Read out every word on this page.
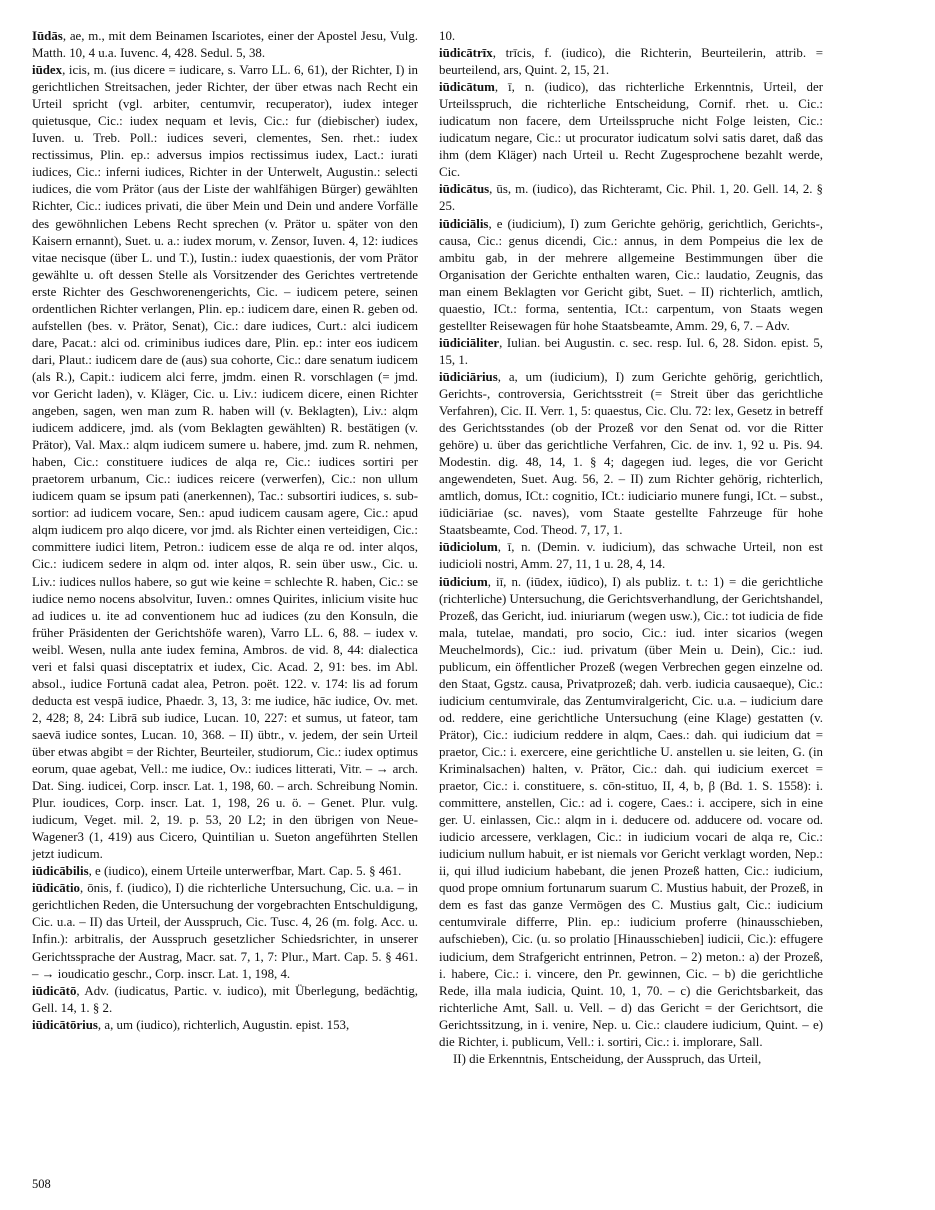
Iūdās, ae, m., mit dem Beinamen Iscariotes, einer der Apostel Jesu, Vulg. Matth. 10, 4 u.a. Iuvenc. 4, 428. Sedul. 5, 38.

iūdex, icis, m. (ius dicere = iudicare, s. Varro LL. 6, 61), der Richter, I) in gerichtlichen Streitsachen, jeder Richter, der über etwas nach Recht ein Urteil spricht (vgl. arbiter, centumvir, recuperator), iudex integer quietusque, Cic.: iudex nequam et levis, Cic.: fur (diebischer) iudex, Iuven. u. Treb. Poll.: iudices severi, clementes, Sen. rhet.: iudex rectissimus, Plin. ep.: adversus impios rectissimus iudex, Lact.: iurati iudices, Cic.: inferni iudices, Richter in der Unterwelt, Augustin.: selecti iudices, die vom Prätor (aus der Liste der wahlfähigen Bürger) gewählten Richter, Cic.: iudices privati, die über Mein und Dein und andere Vorfälle des gewöhnlichen Lebens Recht sprechen (v. Prätor u. später von den Kaisern ernannt), Suet. u. a.: iudex morum, v. Zensor, Iuven. 4, 12: iudices vitae necisque (über L. und T.), Iustin.: iudex quaestionis, der vom Prätor gewählte u. oft dessen Stelle als Vorsitzender des Gerichtes vertretende erste Richter des Geschworenengerichts, Cic. – iudicem petere, seinen ordentlichen Richter verlangen, Plin. ep.: iudicem dare, einen R. geben od. aufstellen (bes. v. Prätor, Senat), Cic.: dare iudices, Curt.: alci iudicem dare, Pacat.: alci od. criminibus iudices dare, Plin. ep.: inter eos iudicem dari, Plaut.: iudicem dare de (aus) sua cohorte, Cic.: dare senatum iudicem (als R.), Capit.: iudicem alci ferre, jmdm. einen R. vorschlagen (= jmd. vor Gericht laden), v. Kläger, Cic. u. Liv.: iudicem dicere, einen Richter angeben, sagen, wen man zum R. haben will (v. Beklagten), Liv.: alqm iudicem addicere, jmd. als (vom Beklagten gewählten) R. bestätigen (v. Prätor), Val. Max.: alqm iudicem sumere u. habere, jmd. zum R. nehmen, haben, Cic.: constituere iudices de alqa re, Cic.: iudices sortiri per praetorem urbanum, Cic.: iudices reicere (verwerfen), Cic.: non ullum iudicem quam se ipsum pati (anerkennen), Tac.: subsortiri iudices, s. sub-sortior: ad iudicem vocare, Sen.: apud iudicem causam agere, Cic.: apud alqm iudicem pro alqo dicere, vor jmd. als Richter einen verteidigen, Cic.: committere iudici litem, Petron.: iudicem esse de alqa re od. inter alqos, Cic.: iudicem sedere in alqm od. inter alqos, R. sein über usw., Cic. u. Liv.: iudices nullos habere, so gut wie keine = schlechte R. haben, Cic.: se iudice nemo nocens absolvitur, Iuven.: omnes Quirites, inlicium visite huc ad iudices u. ite ad conventionem huc ad iudices (zu den Konsuln, die früher Präsidenten der Gerichtshöfe waren), Varro LL. 6, 88. – iudex v. weibl. Wesen, nulla ante iudex femina, Ambros. de vid. 8, 44: dialectica veri et falsi quasi disceptatrix et iudex, Cic. Acad. 2, 91: bes. im Abl. absol., iudice Fortunā cadat alea, Petron. poët. 122. v. 174: lis ad forum deducta est vespā iudice, Phaedr. 3, 13, 3: me iudice, hāc iudice, Ov. met. 2, 428; 8, 24: Librā sub iudice, Lucan. 10, 227: et sumus, ut fateor, tam saevā iudice sontes, Lucan. 10, 368. – II) übtr., v. jedem, der sein Urteil über etwas abgibt = der Richter, Beurteiler, studiorum, Cic.: iudex optimus eorum, quae agebat, Vell.: me iudice, Ov.: iudices litterati, Vitr. – → arch. Dat. Sing. iudicei, Corp. inscr. Lat. 1, 198, 60. – arch. Schreibung Nomin. Plur. ioudices, Corp. inscr. Lat. 1, 198, 26 u. ö. – Genet. Plur. vulg. iudicum, Veget. mil. 2, 19. p. 53, 20 L2; in den übrigen von Neue-Wagener3 (1, 419) aus Cicero, Quintilian u. Sueton angeführten Stellen jetzt iudicum.

iūdicābilis, e (iudico), einem Urteile unterwerfbar, Mart. Cap. 5. § 461.

iūdicātio, ōnis, f. (iudico), I) die richterliche Untersuchung, Cic. u.a. – in gerichtlichen Reden, die Untersuchung der vorgebrachten Entschuldigung, Cic. u.a. – II) das Urteil, der Ausspruch, Cic. Tusc. 4, 26 (m. folg. Acc. u. Infin.): arbitralis, der Ausspruch gesetzlicher Schiedsrichter, in unserer Gerichtssprache der Austrag, Macr. sat. 7, 1, 7: Plur., Mart. Cap. 5. § 461. – → ioudicatio geschr., Corp. inscr. Lat. 1, 198, 4.

iūdicātō, Adv. (iudicatus, Partic. v. iudico), mit Überlegung, bedächtig, Gell. 14, 1. § 2.

iūdicātōrius, a, um (iudico), richterlich, Augustin. epist. 153,

10.

iūdicātrīx, trīcis, f. (iudico), die Richterin, Beurteilerin, attrib. = beurteilend, ars, Quint. 2, 15, 21.

iūdicātum, ī, n. (iudico), das richterliche Erkenntnis, Urteil, der Urteilsspruch, die richterliche Entscheidung, Cornif. rhet. u. Cic.: iudicatum non facere, dem Urteilsspruche nicht Folge leisten, Cic.: iudicatum negare, Cic.: ut procurator iudicatum solvi satis daret, daß das ihm (dem Kläger) nach Urteil u. Recht Zugesprochene bezahlt werde, Cic.

iūdicātus, ūs, m. (iudico), das Richteramt, Cic. Phil. 1, 20. Gell. 14, 2. § 25.

iūdiciālis, e (iudicium), I) zum Gerichte gehörig, gerichtlich, Gerichts-, causa, Cic.: genus dicendi, Cic.: annus, in dem Pompeius die lex de ambitu gab, in der mehrere allgemeine Bestimmungen über die Organisation der Gerichte enthalten waren, Cic.: laudatio, Zeugnis, das man einem Beklagten vor Gericht gibt, Suet. – II) richterlich, amtlich, quaestio, ICt.: forma, sententia, ICt.: carpentum, von Staats wegen gestellter Reisewagen für hohe Staatsbeamte, Amm. 29, 6, 7. – Adv.

iūdiciāliter, Iulian. bei Augustin. c. sec. resp. Iul. 6, 28. Sidon. epist. 5, 15, 1.

iūdiciārius, a, um (iudicium), I) zum Gerichte gehörig, gerichtlich, Gerichts-, controversia, Gerichtsstreit (= Streit über das gerichtliche Verfahren), Cic. II. Verr. 1, 5: quaestus, Cic. Clu. 72: lex, Gesetz in betreff des Gerichtsstandes (ob der Prozeß vor den Senat od. vor die Ritter gehöre) u. über das gerichtliche Verfahren, Cic. de inv. 1, 92 u. Pis. 94. Modestin. dig. 48, 14, 1. § 4; dagegen iud. leges, die vor Gericht angewendeten, Suet. Aug. 56, 2. – II) zum Richter gehörig, richterlich, amtlich, domus, ICt.: cognitio, ICt.: iudiciario munere fungi, ICt. – subst., iūdiciāriae (sc. naves), vom Staate gestellte Fahrzeuge für hohe Staatsbeamte, Cod. Theod. 7, 17, 1.

iūdiciolum, ī, n. (Demin. v. iudicium), das schwache Urteil, non est iudicioli nostri, Amm. 27, 11, 1 u. 28, 4, 14.

iūdicium, iī, n. (iūdex, iūdico), I) als publiz. t. t.: 1) = die gerichtliche (richterliche) Untersuchung, die Gerichtsverhandlung, der Gerichtshandel, Prozeß, das Gericht, iud. iniuriarum (wegen usw.), Cic.: tot iudicia de fide mala, tutelae, mandati, pro socio, Cic.: iud. inter sicarios (wegen Meuchelmords), Cic.: iud. privatum (über Mein u. Dein), Cic.: iud. publicum, ein öffentlicher Prozeß (wegen Verbrechen gegen einzelne od. den Staat, Ggstz. causa, Privatprozeß; dah. verb. iudicia causaeque), Cic.: iudicium centumvirale, das Zentumviralgericht, Cic. u.a. – iudicium dare od. reddere, eine gerichtliche Untersuchung (eine Klage) gestatten (v. Prätor), Cic.: iudicium reddere in alqm, Caes.: dah. qui iudicium dat = praetor, Cic.: i. exercere, eine gerichtliche U. anstellen u. sie leiten, G. (in Kriminalsachen) halten, v. Prätor, Cic.: dah. qui iudicium exercet = praetor, Cic.: i. constituere, s. cōn-stituo, II, 4, b, β (Bd. 1. S. 1558): i. committere, anstellen, Cic.: ad i. cogere, Caes.: i. accipere, sich in eine ger. U. einlassen, Cic.: alqm in i. deducere od. adducere od. vocare od. iudicio arcessere, verklagen, Cic.: in iudicium vocari de alqa re, Cic.: iudicium nullum habuit, er ist niemals vor Gericht verklagt worden, Nep.: ii, qui illud iudicium habebant, die jenen Prozeß hatten, Cic.: iudicium, quod prope omnium fortunarum suarum C. Mustius habuit, der Prozeß, in dem es fast das ganze Vermögen des C. Mustius galt, Cic.: iudicium centumvirale differre, Plin. ep.: iudicium proferre (hinausschieben, aufschieben), Cic. (u. so prolatio [Hinausschieben] iudicii, Cic.): effugere iudicium, dem Strafgericht entrinnen, Petron. – 2) meton.: a) der Prozeß, i. habere, Cic.: i. vincere, den Pr. gewinnen, Cic. – b) die gerichtliche Rede, illa mala iudicia, Quint. 10, 1, 70. – c) die Gerichtsbarkeit, das richterliche Amt, Sall. u. Vell. – d) das Gericht = der Gerichtsort, die Gerichtssitzung, in i. venire, Nep. u. Cic.: claudere iudicium, Quint. – e) die Richter, i. publicum, Vell.: i. sortiri, Cic.: i. implorare, Sall.

II) die Erkenntnis, Entscheidung, der Ausspruch, das Urteil,

508
